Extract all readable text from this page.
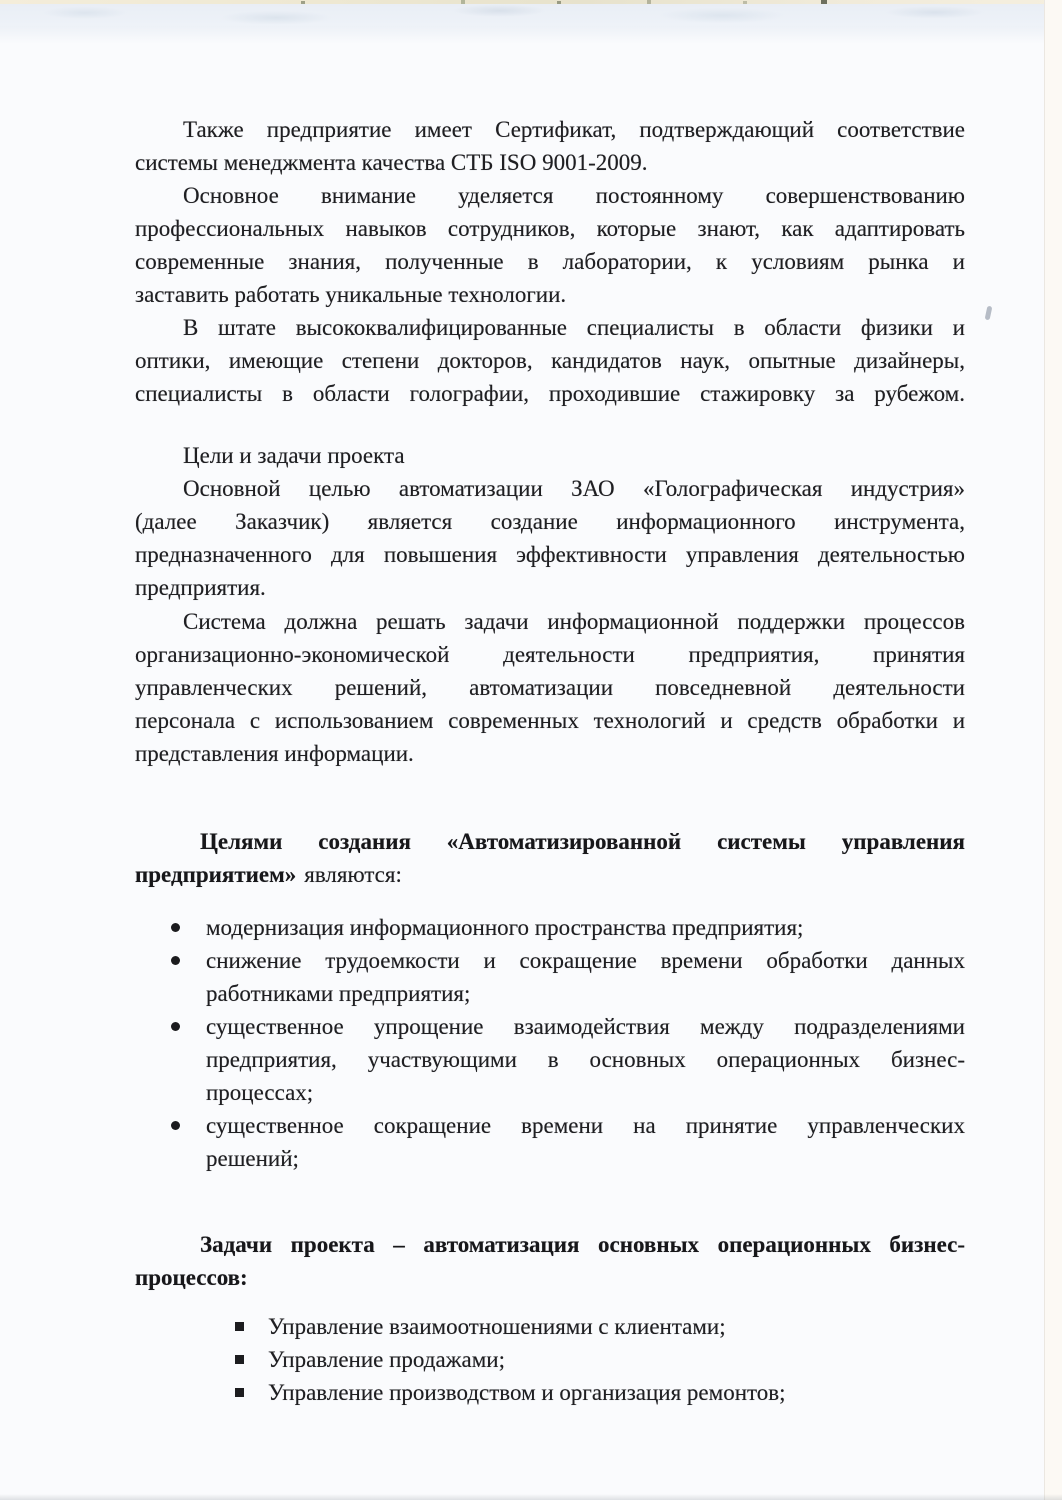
Также предприятие имеет Сертификат, подтверждающий соответствие
системы менеджмента качества СТБ ISO 9001-2009.
Основное внимание уделяется постоянному совершенствованию
профессиональных навыков сотрудников, которые знают, как адаптировать
современные знания, полученные в лаборатории, к условиям рынка и
заставить работать уникальные технологии.
В штате высококвалифицированные специалисты в области физики и
оптики, имеющие степени докторов, кандидатов наук, опытные дизайнеры,
специалисты в области голографии, проходившие стажировку за рубежом.
Цели и задачи проекта
Основной целью автоматизации ЗАО «Голографическая индустрия»
(далее Заказчик) является создание информационного инструмента,
предназначенного для повышения эффективности управления деятельностью
предприятия.
Система должна решать задачи информационной поддержки процессов
организационно-экономической деятельности предприятия, принятия
управленческих решений, автоматизации повседневной деятельности
персонала с использованием современных технологий и средств обработки и
представления информации.
Целями создания «Автоматизированной системы управления
предприятием» являются:
модернизация информационного пространства предприятия;
снижение трудоемкости и сокращение времени обработки данных
работниками предприятия;
существенное упрощение взаимодействия между подразделениями
предприятия, участвующими в основных операционных бизнес-
процессах;
существенное сокращение времени на принятие управленческих
решений;
Задачи проекта – автоматизация основных операционных бизнес-
процессов:
Управление взаимоотношениями с клиентами;
Управление продажами;
Управление производством и организация ремонтов;
